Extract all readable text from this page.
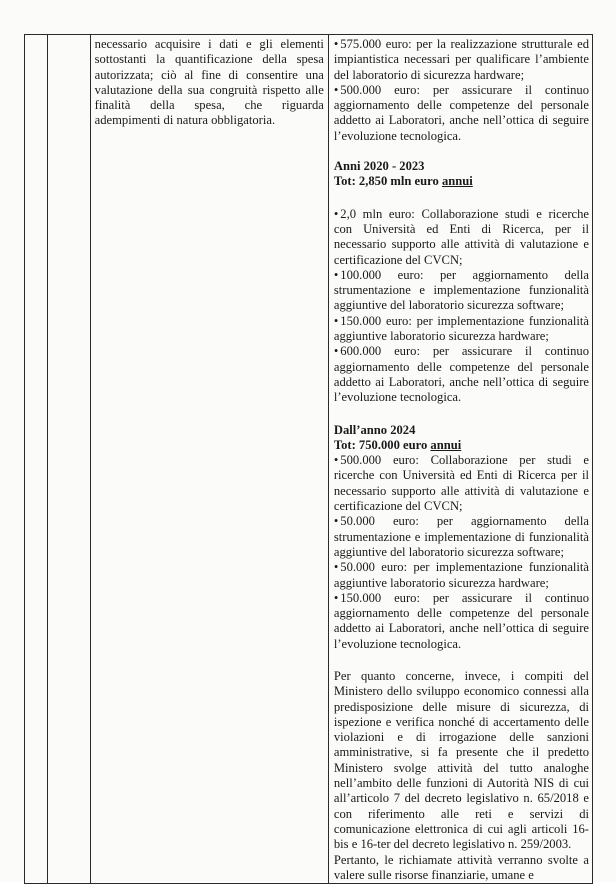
necessario acquisire i dati e gli elementi sottostanti la quantificazione della spesa autorizzata; ciò al fine di consentire una valutazione della sua congruità rispetto alle finalità della spesa, che riguarda adempimenti di natura obbligatoria.

• 575.000 euro: per la realizzazione strutturale ed impiantistica necessari per qualificare l’ambiente del laboratorio di sicurezza hardware;

• 500.000 euro: per assicurare il continuo aggiornamento delle competenze del personale addetto ai Laboratori, anche nell’ottica di seguire l’evoluzione tecnologica.

Anni 2020 - 2023

Tot: 2,850 mln euro annui

• 2,0 mln euro: Collaborazione studi e ricerche con Università ed Enti di Ricerca, per il necessario supporto alle attività di valutazione e certificazione del CVCN;

• 100.000 euro: per aggiornamento della strumentazione e implementazione funzionalità aggiuntive del laboratorio sicurezza software;

• 150.000 euro: per implementazione funzionalità aggiuntive laboratorio sicurezza hardware;

• 600.000 euro: per assicurare il continuo aggiornamento delle competenze del personale addetto ai Laboratori, anche nell’ottica di seguire l’evoluzione tecnologica.

Dall’anno 2024

Tot: 750.000 euro annui

• 500.000 euro: Collaborazione per studi e ricerche con Università ed Enti di Ricerca per il necessario supporto alle attività di valutazione e certificazione del CVCN;

• 50.000 euro: per aggiornamento della strumentazione e implementazione di funzionalità aggiuntive del laboratorio sicurezza software;

• 50.000 euro: per implementazione funzionalità aggiuntive laboratorio sicurezza hardware;

• 150.000 euro: per assicurare il continuo aggiornamento delle competenze del personale addetto ai Laboratori, anche nell’ottica di seguire l’evoluzione tecnologica.

Per quanto concerne, invece, i compiti del Ministero dello sviluppo economico connessi alla predisposizione delle misure di sicurezza, di ispezione e verifica nonché di accertamento delle violazioni e di irrogazione delle sanzioni amministrative, si fa presente che il predetto Ministero svolge attività del tutto analoghe nell’ambito delle funzioni di Autorità NIS di cui all’articolo 7 del decreto legislativo n. 65/2018 e con riferimento alle reti e servizi di comunicazione elettronica di cui agli articoli 16-bis e 16-ter del decreto legislativo n. 259/2003.

Pertanto, le richiamate attività verranno svolte a valere sulle risorse finanziarie, umane e
